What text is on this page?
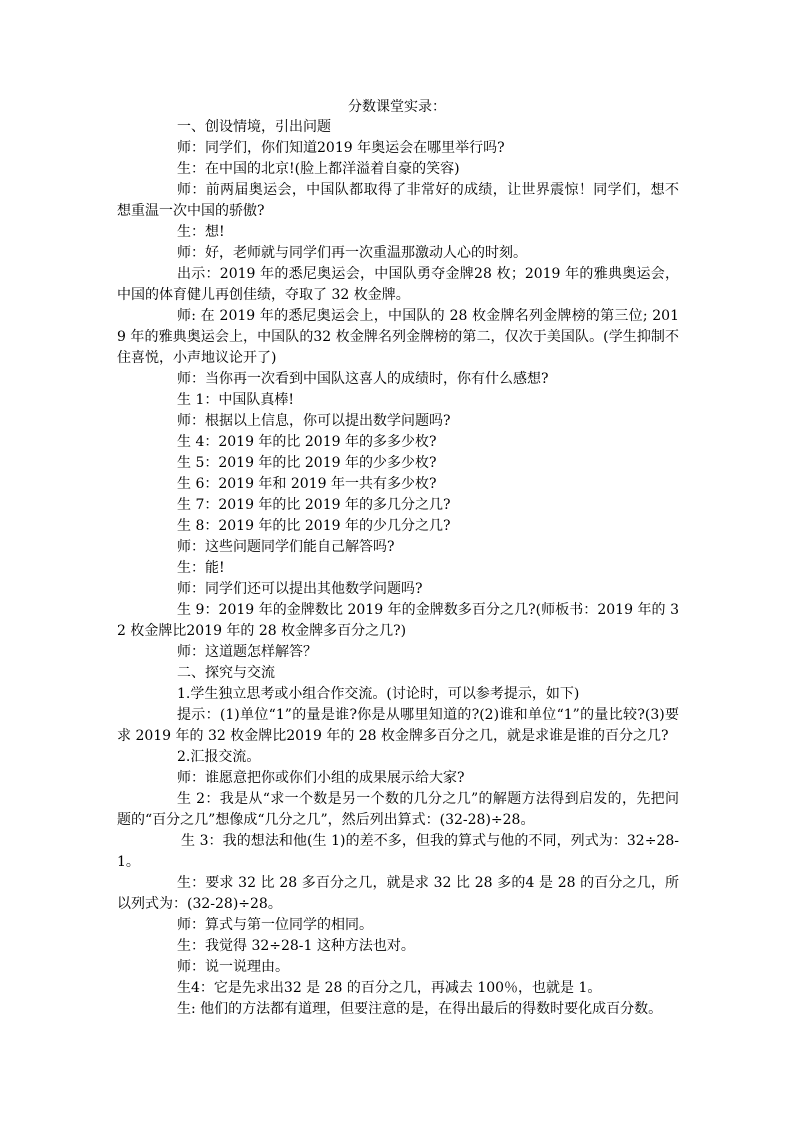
分数课堂实录：

一、创设情境，引出问题

师：同学们，你们知道2019 年奥运会在哪里举行吗?

生：在中国的北京!(脸上都洋溢着自豪的笑容)

师：前两届奥运会，中国队都取得了非常好的成绩，让世界震惊！同学们，想不想重温一次中国的骄傲?

生：想!

师：好，老师就与同学们再一次重温那激动人心的时刻。

出示：2019 年的悉尼奥运会，中国队勇夺金牌28 枚；2019 年的雅典奥运会，中国的体育健儿再创佳绩，夺取了 32 枚金牌。

师: 在 2019 年的悉尼奥运会上，中国队的 28 枚金牌名列金牌榜的第三位; 2019 年的雅典奥运会上，中国队的32 枚金牌名列金牌榜的第二，仅次于美国队。(学生抑制不住喜悦，小声地议论开了)

师：当你再一次看到中国队这喜人的成绩时，你有什么感想?

生 1：中国队真棒!

师：根据以上信息，你可以提出数学问题吗?

生 4：2019 年的比 2019 年的多多少枚?

生 5：2019 年的比 2019 年的少多少枚?

生 6：2019 年和 2019 年一共有多少枚?

生 7：2019 年的比 2019 年的多几分之几?

生 8：2019 年的比 2019 年的少几分之几?

师：这些问题同学们能自己解答吗?

生：能!

师：同学们还可以提出其他数学问题吗?

生 9：2019 年的金牌数比 2019 年的金牌数多百分之几?(师板书：2019 年的 32 枚金牌比2019 年的 28 枚金牌多百分之几?)

师：这道题怎样解答？

二、探究与交流

1.学生独立思考或小组合作交流。(讨论时，可以参考提示，如下)

提示：(1)单位“1”的量是谁?你是从哪里知道的?(2)谁和单位“1”的量比较?(3)要求 2019 年的 32 枚金牌比2019 年的 28 枚金牌多百分之几，就是求谁是谁的百分之几?

2.汇报交流。

师：谁愿意把你或你们小组的成果展示给大家?

生 2：我是从“求一个数是另一个数的几分之几”的解题方法得到启发的，先把问题的“百分之几”想像成“几分之几”，然后列出算式：(32-28)÷28。

生 3：我的想法和他(生 1)的差不多，但我的算式与他的不同，列式为：32÷28-1。

生：要求 32 比 28 多百分之几，就是求 32 比 28 多的4 是 28 的百分之几，所以列式为：(32-28)÷28。

师：算式与第一位同学的相同。

生：我觉得 32÷28-1 这种方法也对。

师：说一说理由。

生4：它是先求出32 是 28 的百分之几，再减去 100％，也就是 1。

生: 他们的方法都有道理，但要注意的是，在得出最后的得数时要化成百分数。
